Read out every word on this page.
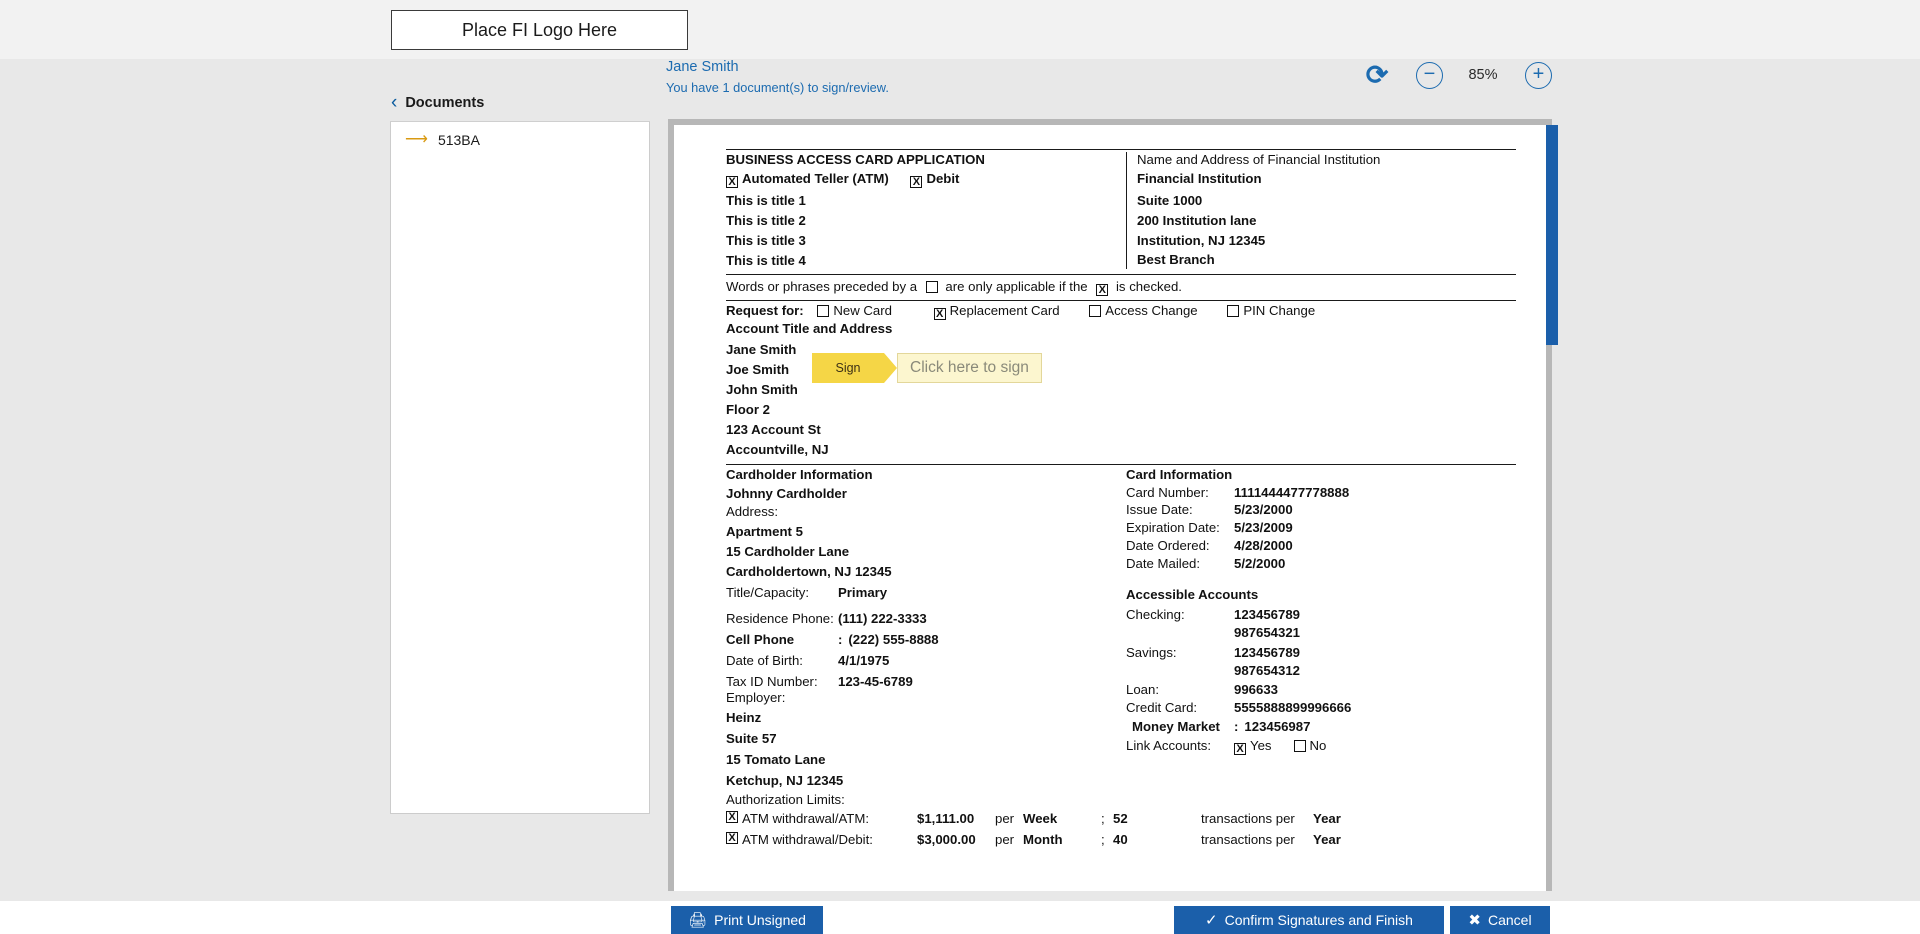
Place FI Logo Here
‹ Documents
⟶ 513BA
Jane Smith
You have 1 document(s) to sign/review.	⟳	−	85%	+
BUSINESS ACCESS CARD APPLICATION
XAutomated Teller (ATM) X	Debit
This is title 1
This is title 2
This is title 3
This is title 4
Name and Address of Financial Institution
Financial Institution
Suite 1000
200 Institution lane
Institution, NJ 12345
Best Branch
Words or phrases preceded by a are only applicable if the X is checked.
Request for: New Card X	Replacement Card	Access Change	PIN Change
Account Title and Address
Jane Smith
Joe Smith
John Smith
Floor 2
123 Account St
Accountville, NJ
Cardholder Information
Johnny Cardholder
Address:
Apartment 5
15 Cardholder Lane
Cardholdertown, NJ 12345
Title/Capacity:	Primary
Residence Phone: (111) 222-3333
Cell Phone	: (222) 555-8888
Date of Birth:	4/1/1975
Tax ID Number:	123-45-6789
Employer:
Heinz
Suite 57
15 Tomato Lane
Ketchup, NJ 12345
Card Information
Card Number:	1111444477778888
Issue Date:	5/23/2000
Expiration Date:	5/23/2009
Date Ordered:	4/28/2000
Date Mailed:	5/2/2000
Accessible Accounts
Checking:	123456789
987654321
Savings:	123456789
987654312
Loan:	996633
Credit Card:	5555888899996666
Money Market	: 123456987
Link Accounts: X	Yes	No
Authorization Limits:
X
ATM withdrawal/ATM:	$1,111.00	per Week	; 52	transactions per	Year
X
ATM withdrawal/Debit:	$3,000.00	per Month	; 40	transactions per	Year
Sign	Click here to sign
🖨 Print Unsigned	✓ Confirm Signatures and Finish	✖ Cancel
